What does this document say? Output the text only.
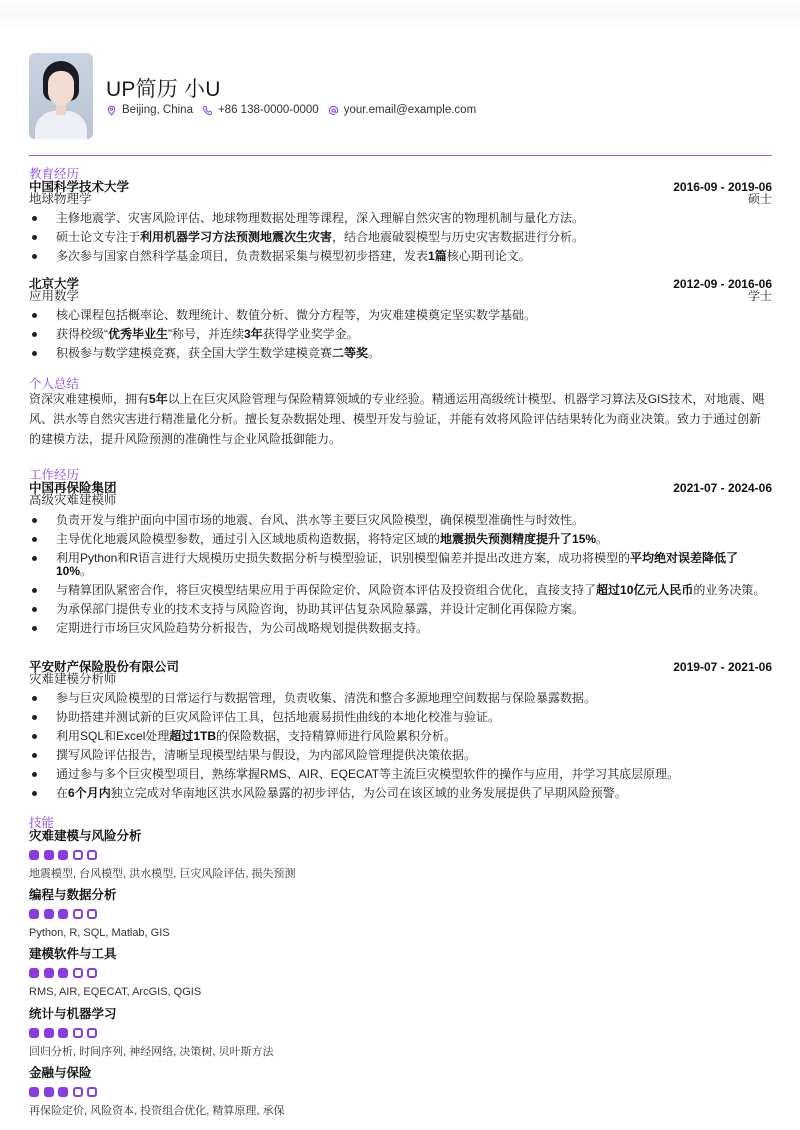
UP简历 小U
Beijing, China +86 138-0000-0000 your.email@example.com
教育经历
中国科学技术大学	2016-09 - 2019-06
地球物理学	硕士
主修地震学、灾害风险评估、地球物理数据处理等课程，深入理解自然灾害的物理机制与量化方法。
硕士论文专注于利用机器学习方法预测地震次生灾害，结合地震破裂模型与历史灾害数据进行分析。
多次参与国家自然科学基金项目，负责数据采集与模型初步搭建，发表1篇核心期刊论文。
北京大学	2012-09 - 2016-06
应用数学	学士
核心课程包括概率论、数理统计、数值分析、微分方程等，为灾难建模奠定坚实数学基础。
获得校级“优秀毕业生”称号，并连续3年获得学业奖学金。
积极参与数学建模竞赛，获全国大学生数学建模竞赛二等奖。
个人总结
资深灾难建模师，拥有5年以上在巨灾风险管理与保险精算领域的专业经验。精通运用高级统计模型、机器学习算法及GIS技术，对地震、飓风、洪水等自然灾害进行精准量化分析。擅长复杂数据处理、模型开发与验证，并能有效将风险评估结果转化为商业决策。致力于通过创新的建模方法，提升风险预测的准确性与企业风险抵御能力。
工作经历
中国再保险集团	2021-07 - 2024-06
高级灾难建模师
负责开发与维护面向中国市场的地震、台风、洪水等主要巨灾风险模型，确保模型准确性与时效性。
主导优化地震风险模型参数，通过引入区域地质构造数据，将特定区域的地震损失预测精度提升了15%。
利用Python和R语言进行大规模历史损失数据分析与模型验证，识别模型偏差并提出改进方案，成功将模型的平均绝对误差降低了10%。
与精算团队紧密合作，将巨灾模型结果应用于再保险定价、风险资本评估及投资组合优化，直接支持了超过10亿元人民币的业务决策。
为承保部门提供专业的技术支持与风险咨询，协助其评估复杂风险暴露，并设计定制化再保险方案。
定期进行市场巨灾风险趋势分析报告，为公司战略规划提供数据支持。
平安财产保险股份有限公司	2019-07 - 2021-06
灾难建模分析师
参与巨灾风险模型的日常运行与数据管理，负责收集、清洗和整合多源地理空间数据与保险暴露数据。
协助搭建并测试新的巨灾风险评估工具，包括地震易损性曲线的本地化校准与验证。
利用SQL和Excel处理超过1TB的保险数据，支持精算师进行风险累积分析。
撰写风险评估报告，清晰呈现模型结果与假设，为内部风险管理提供决策依据。
通过参与多个巨灾模型项目，熟练掌握RMS、AIR、EQECAT等主流巨灾模型软件的操作与应用，并学习其底层原理。
在6个月内独立完成对华南地区洪水风险暴露的初步评估，为公司在该区域的业务发展提供了早期风险预警。
技能
灾难建模与风险分析
地震模型, 台风模型, 洪水模型, 巨灾风险评估, 损失预测
编程与数据分析
Python, R, SQL, Matlab, GIS
建模软件与工具
RMS, AIR, EQECAT, ArcGIS, QGIS
统计与机器学习
回归分析, 时间序列, 神经网络, 决策树, 贝叶斯方法
金融与保险
再保险定价, 风险资本, 投资组合优化, 精算原理, 承保
